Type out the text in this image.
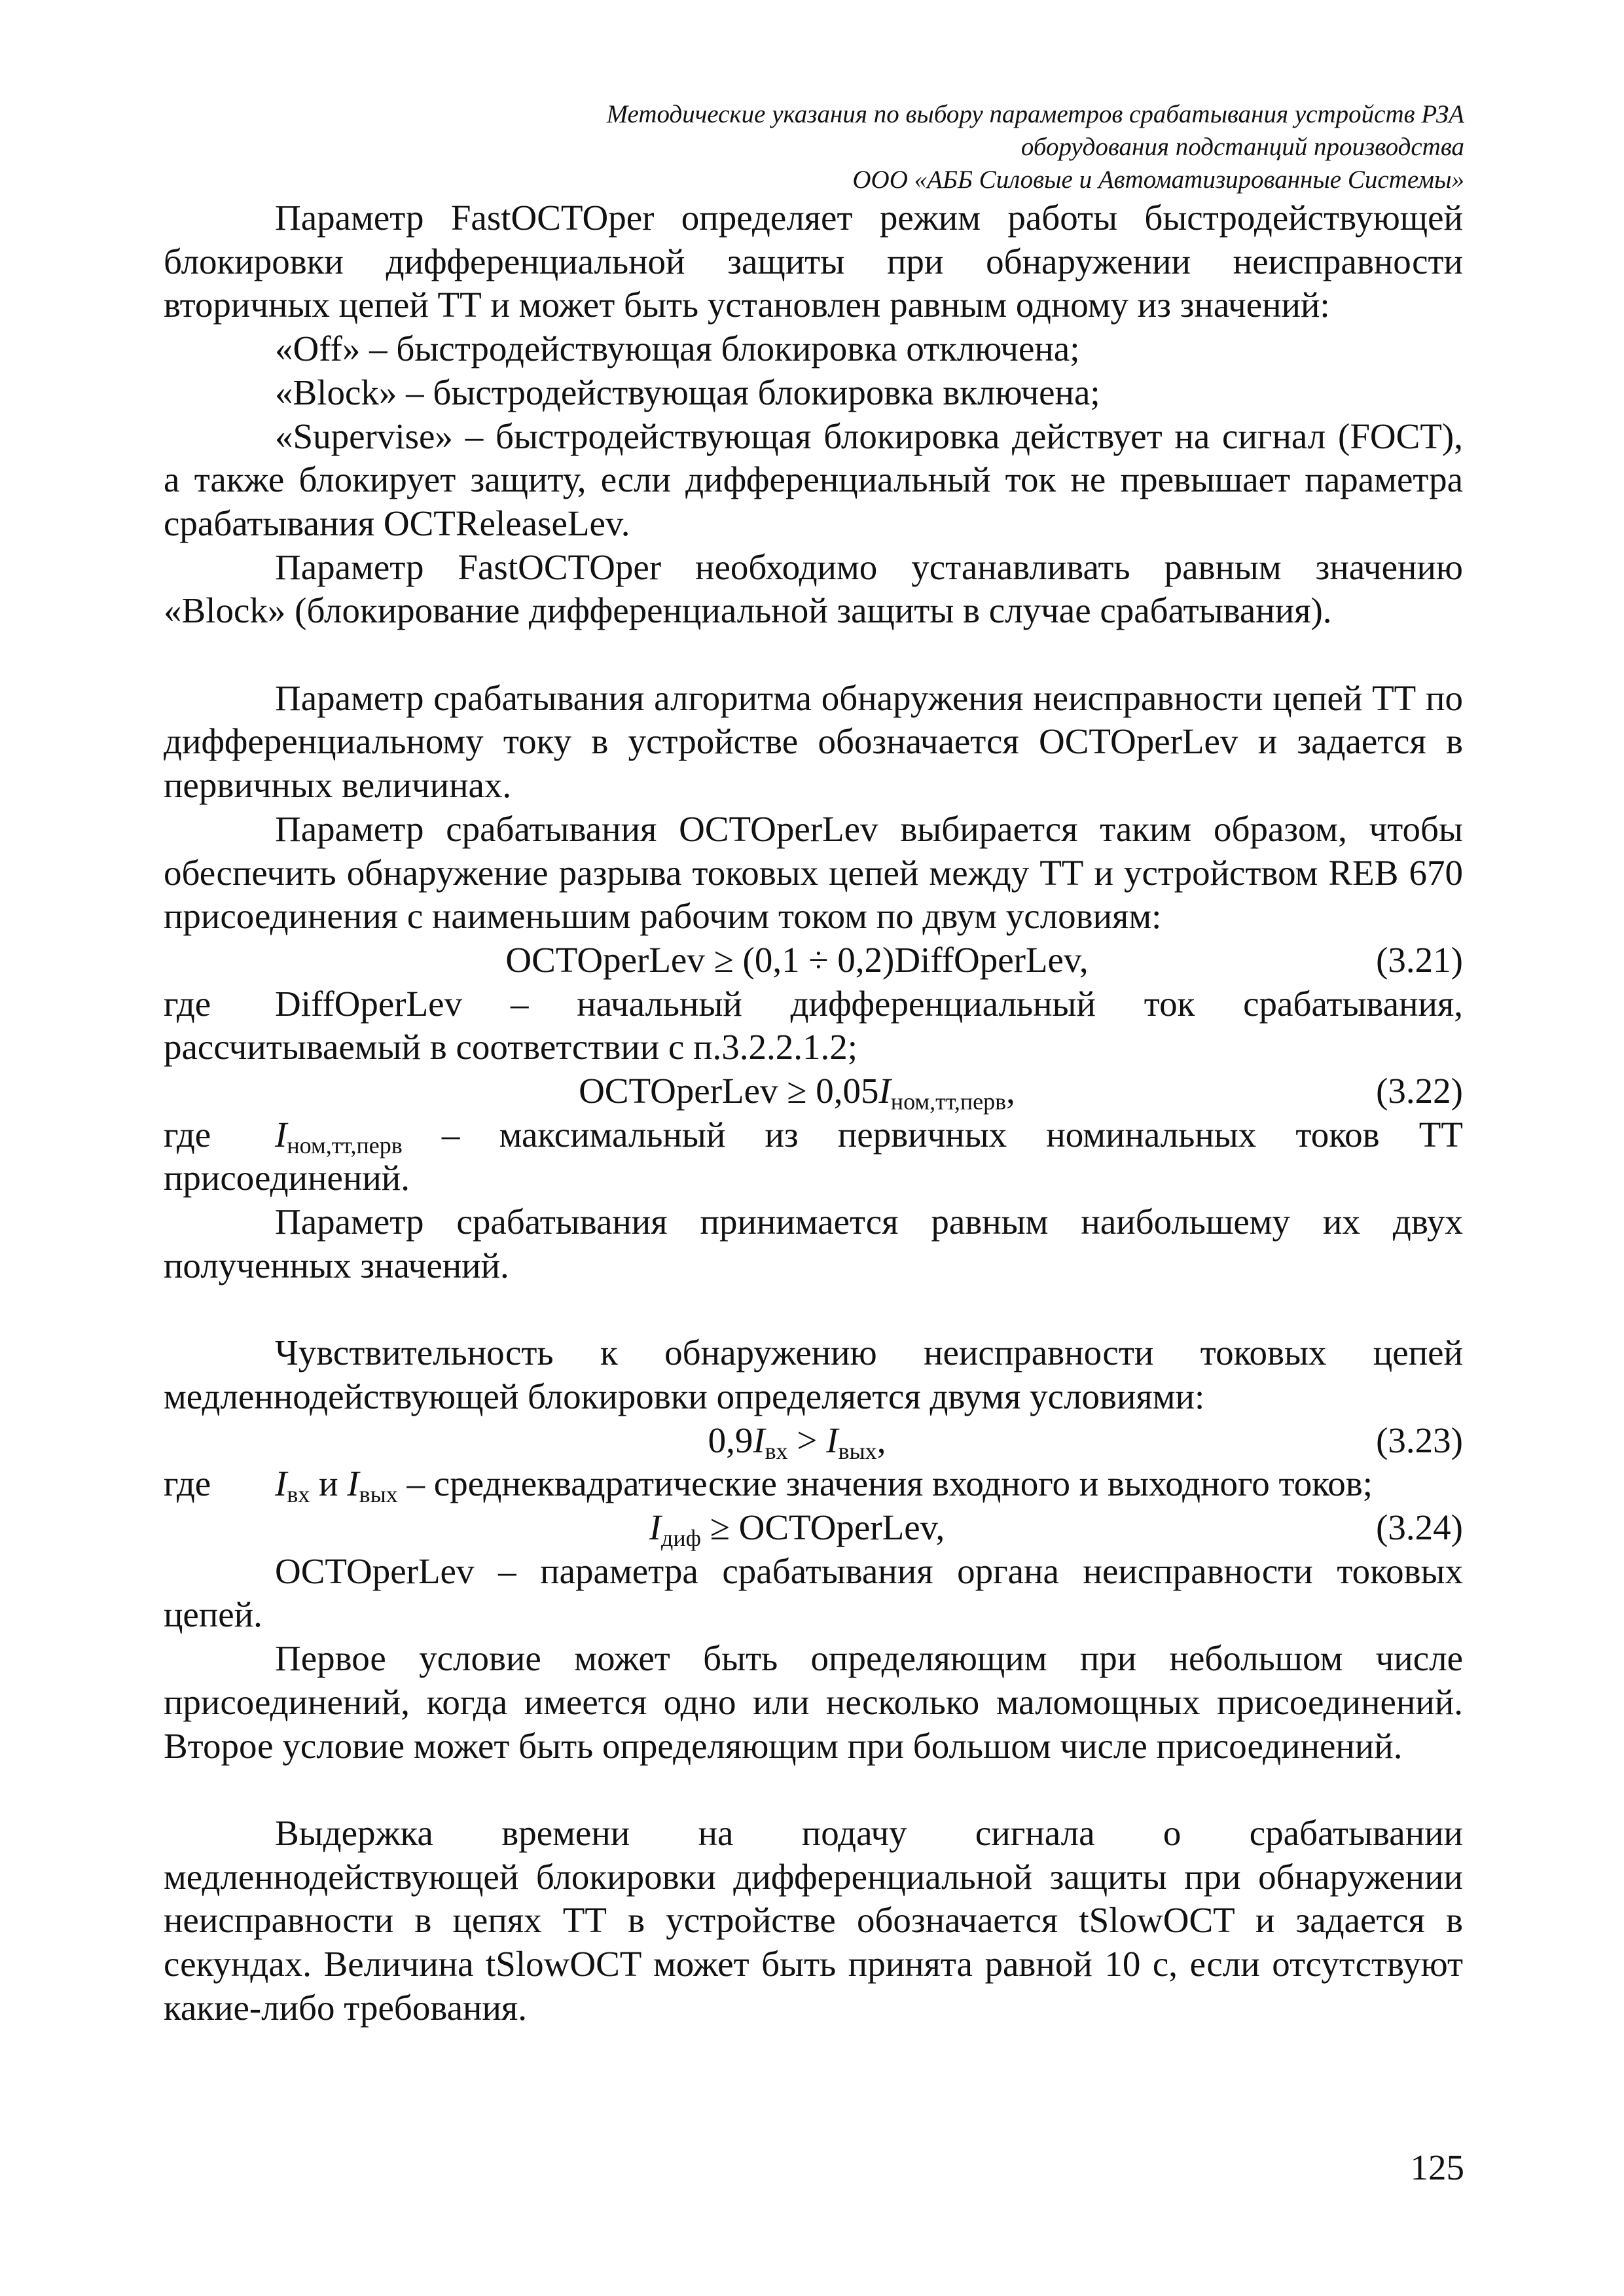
Методические указания по выбору параметров срабатывания устройств РЗА
оборудования подстанций производства
ООО «АББ Силовые и Автоматизированные Системы»

Параметр FastOCTOper определяет режим работы быстродействующей блокировки дифференциальной защиты при обнаружении неисправности вторичных цепей ТТ и может быть установлен равным одному из значений:

«Off» – быстродействующая блокировка отключена;

«Block» – быстродействующая блокировка включена;

«Supervise» – быстродействующая блокировка действует на сигнал (FOCT), а также блокирует защиту, если дифференциальный ток не превышает параметра срабатывания OCTReleaseLev.

Параметр FastOCTOper необходимо устанавливать равным значению «Block» (блокирование дифференциальной защиты в случае срабатывания).

Параметр срабатывания алгоритма обнаружения неисправности цепей ТТ по дифференциальному току в устройстве обозначается OCTOperLev и задается в первичных величинах.

Параметр срабатывания OCTOperLev выбирается таким образом, чтобы обеспечить обнаружение разрыва токовых цепей между ТТ и устройством REB 670 присоединения с наименьшим рабочим током по двум условиям:

OCTOperLev ≥ (0,1 ÷ 0,2)DiffOperLev,	(3.21)
где	DiffOperLev – начальный дифференциальный ток срабатывания,

рассчитываемый в соответствии с п.3.2.2.1.2;

OCTOperLev ≥ $0,05I_{ном,тт,перв}$,	(3.22)
где	$I_{ном,тт,перв}$ – максимальный из первичных номинальных токов ТТ

присоединений.

Параметр срабатывания принимается равным наибольшему их двух полученных значений.

Чувствительность к обнаружению неисправности токовых цепей медленнодействующей блокировки определяется двумя условиями:

$0,9I_{вх} > I_{вых}$,	(3.23)
где	$I_{вх}$ и $I_{вых}$ – среднеквадратические значения входного и выходного токов;
$I_{диф}$ ≥ OCTOperLev,	(3.24)

OCTOperLev – параметра срабатывания органа неисправности токовых цепей.

Первое условие может быть определяющим при небольшом числе присоединений, когда имеется одно или несколько маломощных присоединений. Второе условие может быть определяющим при большом числе присоединений.

Выдержка времени на подачу сигнала о срабатывании медленнодействующей блокировки дифференциальной защиты при обнаружении неисправности в цепях ТТ в устройстве обозначается tSlowOCT и задается в секундах. Величина tSlowOCT может быть принята равной 10 с, если отсутствуют какие-либо требования.

125
